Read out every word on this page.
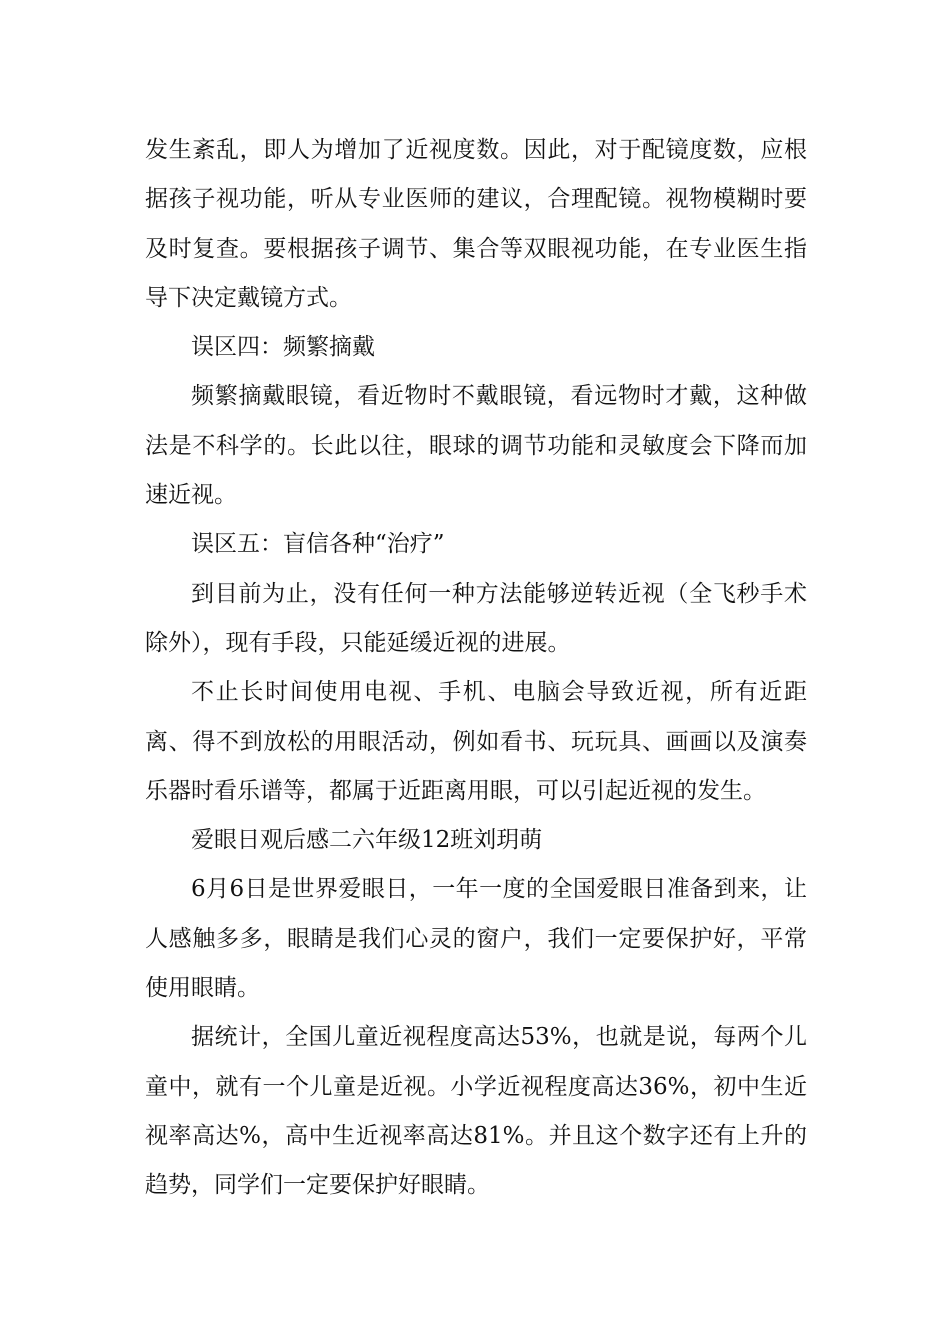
发生紊乱，即人为增加了近视度数。因此，对于配镜度数，应根据孩子视功能，听从专业医师的建议，合理配镜。视物模糊时要及时复查。要根据孩子调节、集合等双眼视功能，在专业医生指导下决定戴镜方式。

误区四：频繁摘戴

频繁摘戴眼镜，看近物时不戴眼镜，看远物时才戴，这种做法是不科学的。长此以往，眼球的调节功能和灵敏度会下降而加速近视。

误区五：盲信各种“治疗”

到目前为止，没有任何一种方法能够逆转近视（全飞秒手术除外），现有手段，只能延缓近视的进展。

不止长时间使用电视、手机、电脑会导致近视，所有近距离、得不到放松的用眼活动，例如看书、玩玩具、画画以及演奏乐器时看乐谱等，都属于近距离用眼，可以引起近视的发生。

爱眼日观后感二六年级12班刘玥萌

6月6日是世界爱眼日，一年一度的全国爱眼日准备到来，让人感触多多，眼睛是我们心灵的窗户，我们一定要保护好，平常使用眼睛。

据统计，全国儿童近视程度高达53%，也就是说，每两个儿童中，就有一个儿童是近视。小学近视程度高达36%，初中生近视率高达%，高中生近视率高达81%。并且这个数字还有上升的趋势，同学们一定要保护好眼睛。
